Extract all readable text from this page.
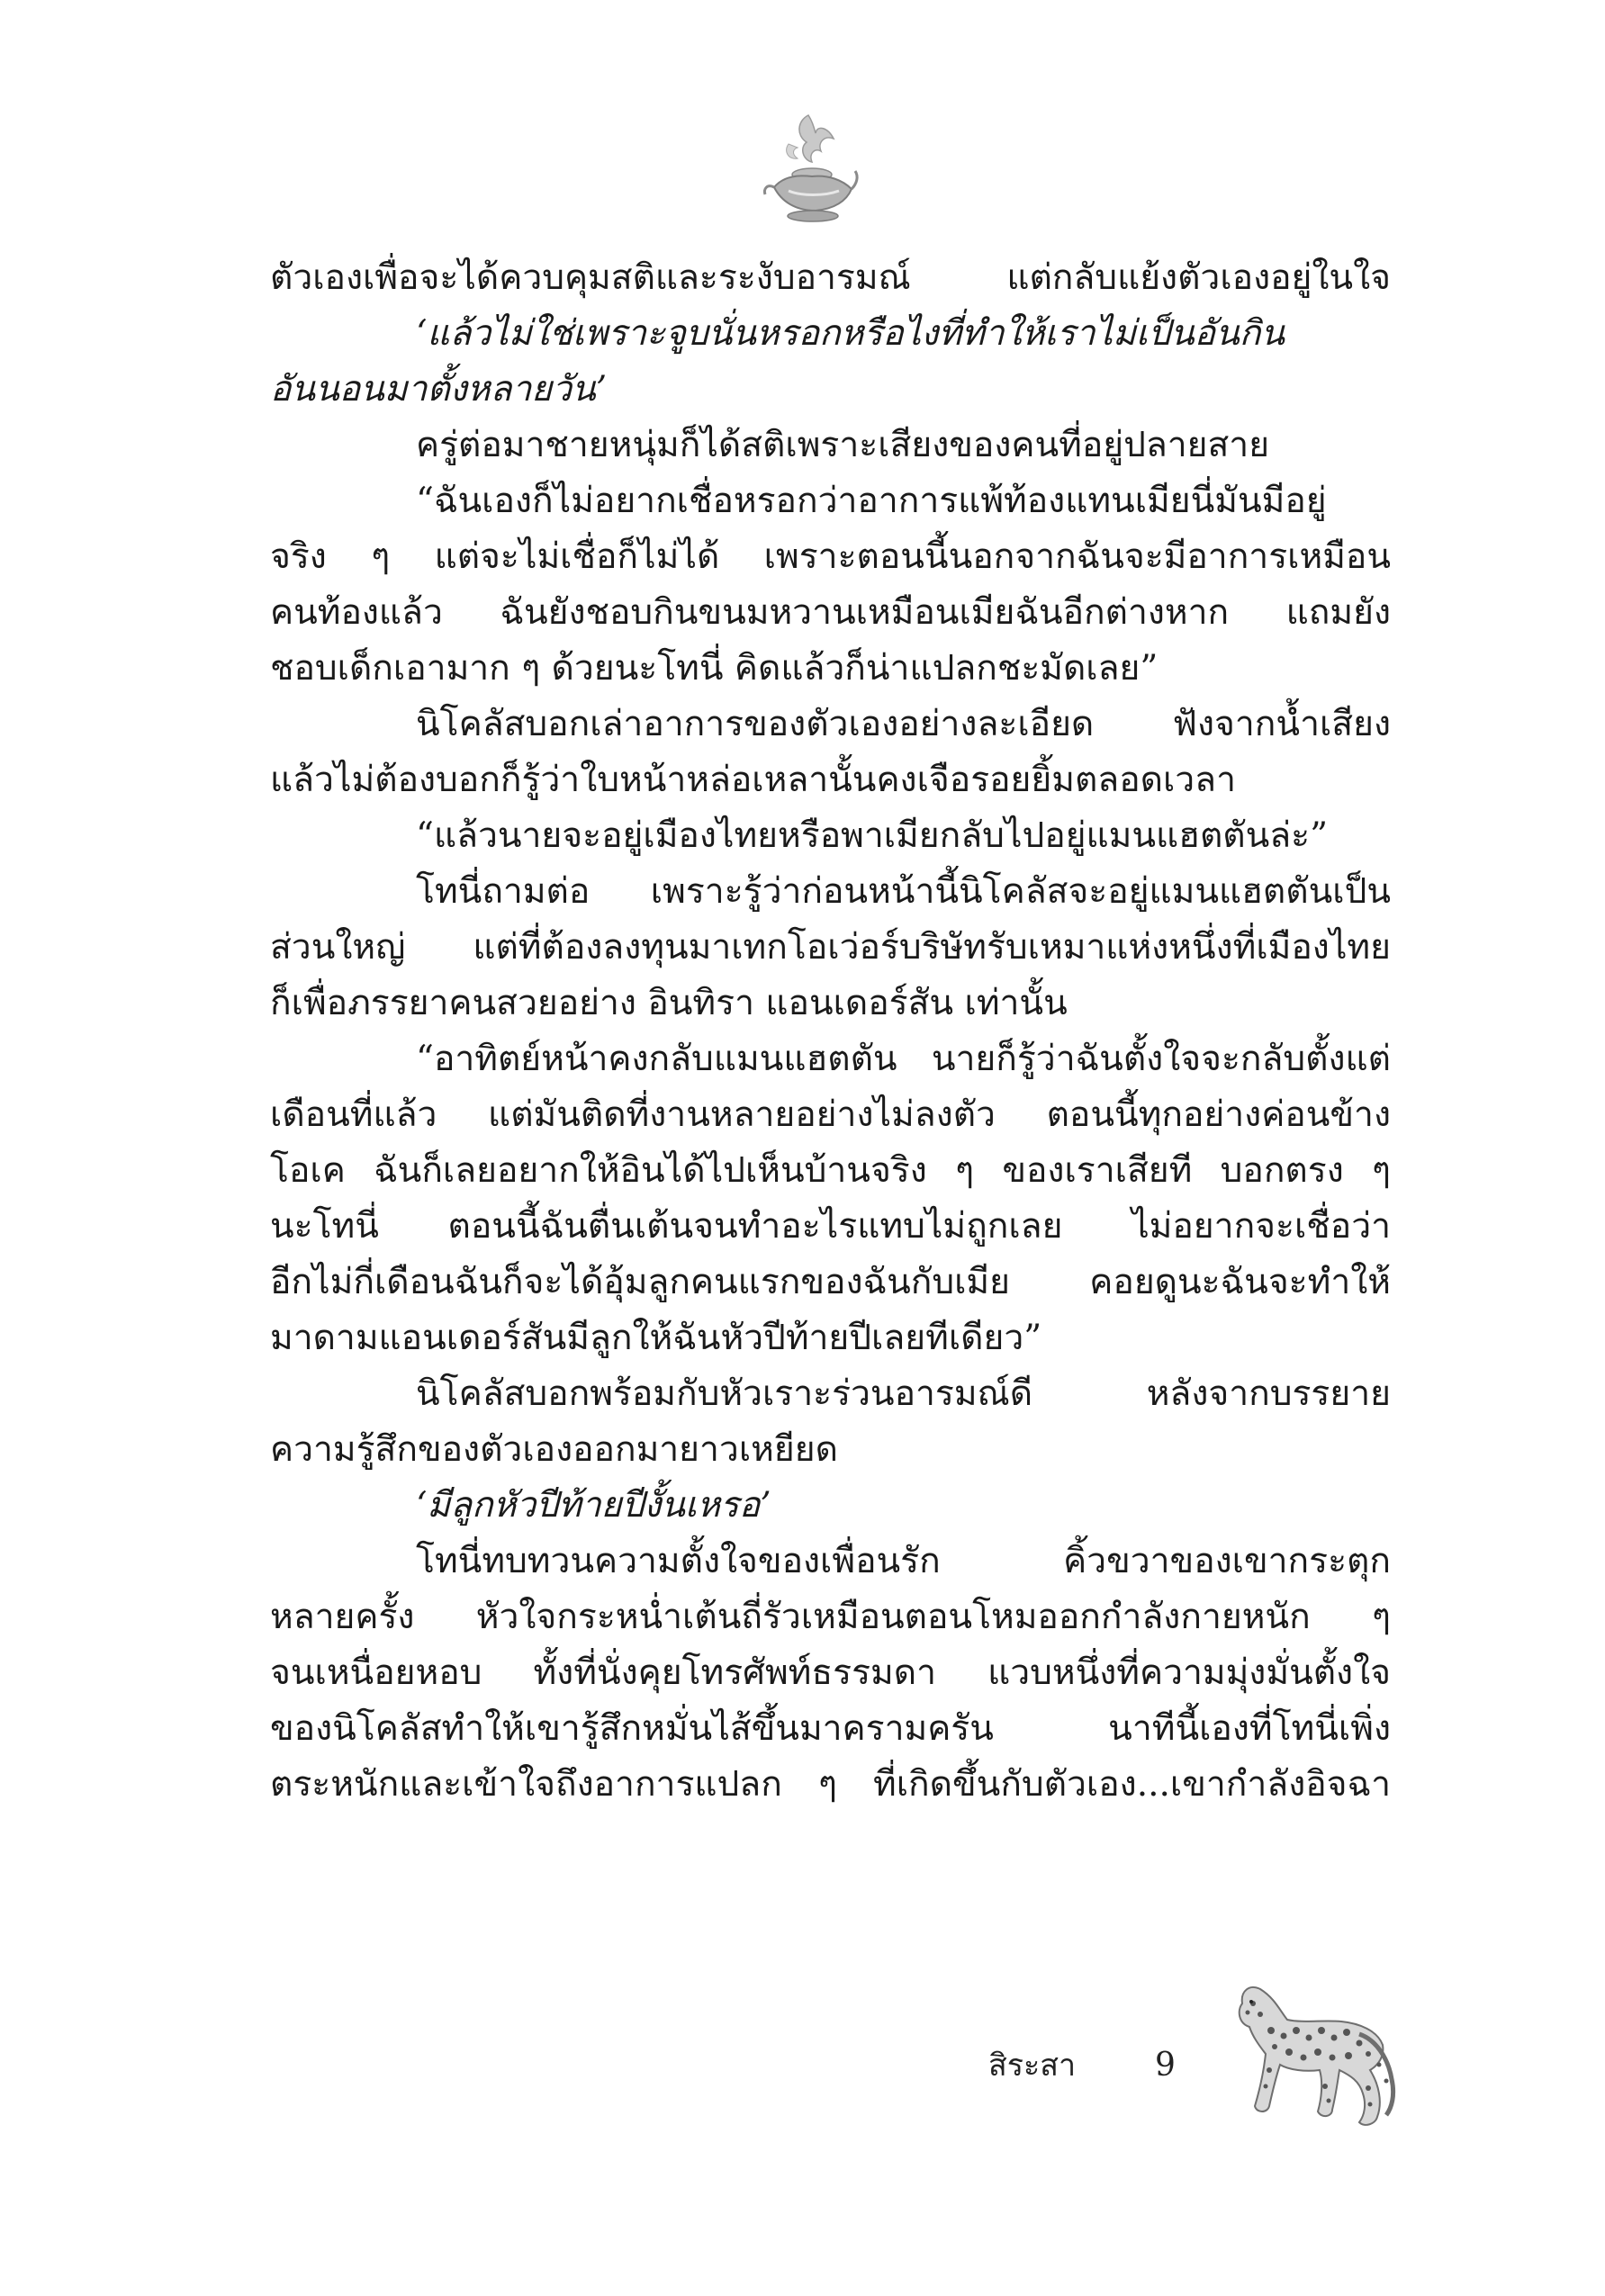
ตัวเองเพื่อจะได้ควบคุมสติและระงับอารมณ์ แต่กลับแย้งตัวเองอยู่ในใจ
‘แล้วไม่ใช่เพราะจูบนั่นหรอกหรือไงที่ทำให้เราไม่เป็นอันกิน
อันนอนมาตั้งหลายวัน’
ครู่ต่อมาชายหนุ่มก็ได้สติเพราะเสียงของคนที่อยู่ปลายสาย
“ฉันเองก็ไม่อยากเชื่อหรอกว่าอาการแพ้ท้องแทนเมียนี่มันมีอยู่
จริง ๆ แต่จะไม่เชื่อก็ไม่ได้ เพราะตอนนี้นอกจากฉันจะมีอาการเหมือน
คนท้องแล้ว ฉันยังชอบกินขนมหวานเหมือนเมียฉันอีกต่างหาก แถมยัง
ชอบเด็กเอามาก ๆ ด้วยนะโทนี่ คิดแล้วก็น่าแปลกชะมัดเลย”
นิโคลัสบอกเล่าอาการของตัวเองอย่างละเอียด ฟังจากน้ำเสียง
แล้วไม่ต้องบอกก็รู้ว่าใบหน้าหล่อเหลานั้นคงเจือรอยยิ้มตลอดเวลา
“แล้วนายจะอยู่เมืองไทยหรือพาเมียกลับไปอยู่แมนแฮตตันล่ะ”
โทนี่ถามต่อ เพราะรู้ว่าก่อนหน้านี้นิโคลัสจะอยู่แมนแฮตตันเป็น
ส่วนใหญ่ แต่ที่ต้องลงทุนมาเทกโอเว่อร์บริษัทรับเหมาแห่งหนึ่งที่เมืองไทย
ก็เพื่อภรรยาคนสวยอย่าง อินทิรา แอนเดอร์สัน เท่านั้น
“อาทิตย์หน้าคงกลับแมนแฮตตัน นายก็รู้ว่าฉันตั้งใจจะกลับตั้งแต่
เดือนที่แล้ว แต่มันติดที่งานหลายอย่างไม่ลงตัว ตอนนี้ทุกอย่างค่อนข้าง
โอเค ฉันก็เลยอยากให้อินได้ไปเห็นบ้านจริง ๆ ของเราเสียที บอกตรง ๆ
นะโทนี่ ตอนนี้ฉันตื่นเต้นจนทำอะไรแทบไม่ถูกเลย ไม่อยากจะเชื่อว่า
อีกไม่กี่เดือนฉันก็จะได้อุ้มลูกคนแรกของฉันกับเมีย คอยดูนะฉันจะทำให้
มาดามแอนเดอร์สันมีลูกให้ฉันหัวปีท้ายปีเลยทีเดียว”
นิโคลัสบอกพร้อมกับหัวเราะร่วนอารมณ์ดี หลังจากบรรยาย
ความรู้สึกของตัวเองออกมายาวเหยียด
‘มีลูกหัวปีท้ายปีงั้นเหรอ’
โทนี่ทบทวนความตั้งใจของเพื่อนรัก คิ้วขวาของเขากระตุก
หลายครั้ง หัวใจกระหน่ำเต้นถี่รัวเหมือนตอนโหมออกกำลังกายหนัก ๆ
จนเหนื่อยหอบ ทั้งที่นั่งคุยโทรศัพท์ธรรมดา แวบหนึ่งที่ความมุ่งมั่นตั้งใจ
ของนิโคลัสทำให้เขารู้สึกหมั่นไส้ขึ้นมาครามครัน นาทีนี้เองที่โทนี่เพิ่ง
ตระหนักและเข้าใจถึงอาการแปลก ๆ ที่เกิดขึ้นกับตัวเอง...เขากำลังอิจฉา
สิระสา	9
